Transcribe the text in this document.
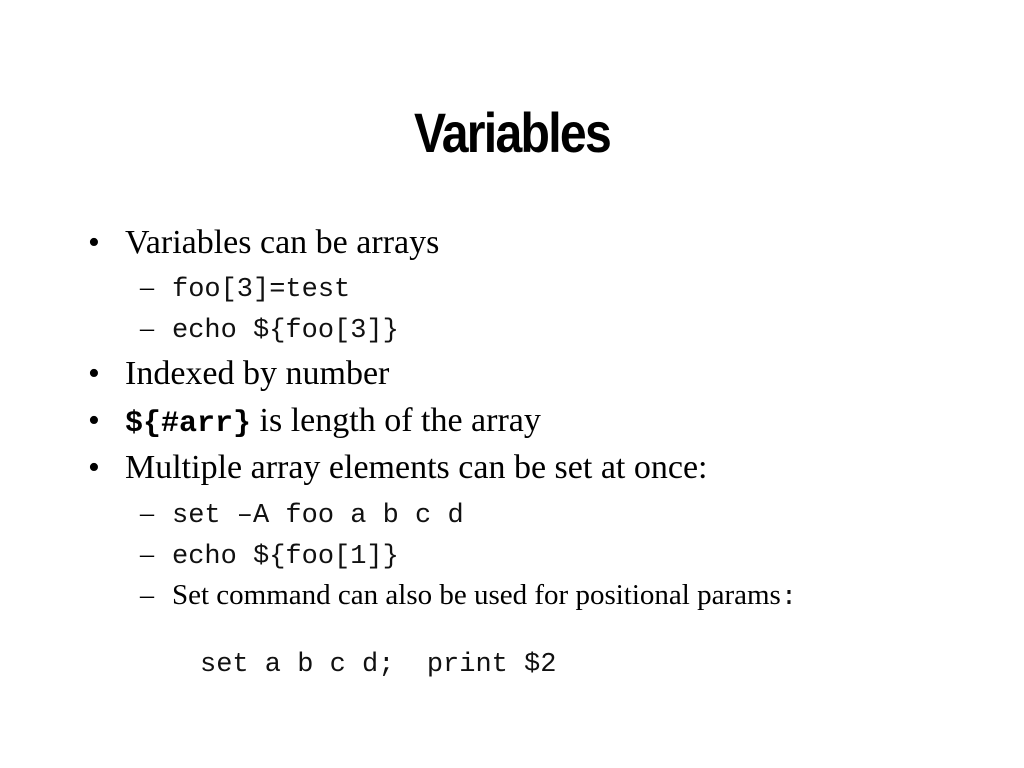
Variables
• Variables can be arrays
– foo[3]=test
– echo ${foo[3]}
• Indexed by number
• ${#arr} is length of the array
• Multiple array elements can be set at once:
– set –A foo a b c d
– echo ${foo[1]}
– Set command can also be used for positional params:

set a b c d;  print $2
